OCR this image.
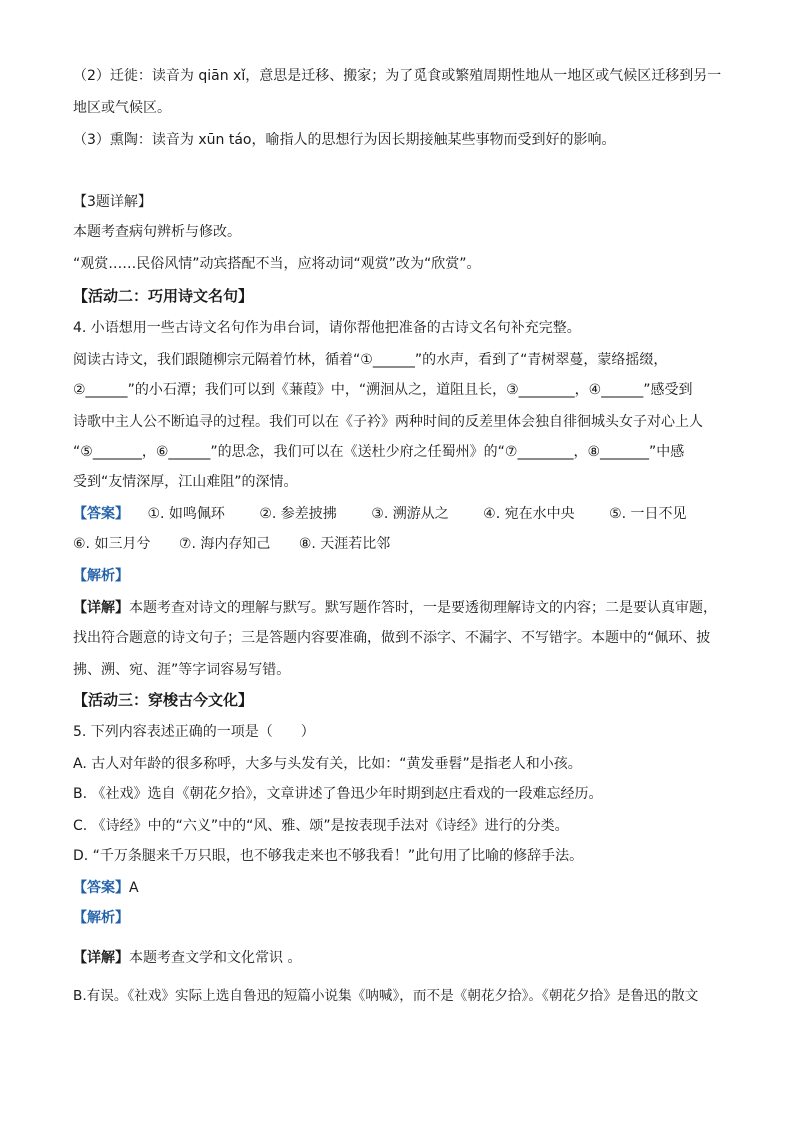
（2）迁徙：读音为 qiān xǐ，意思是迁移、搬家；为了觅食或繁殖周期性地从一地区或气候区迁移到另一
地区或气候区。
（3）熏陶：读音为 xūn táo，喻指人的思想行为因长期接触某些事物而受到好的影响。
【3题详解】
本题考查病句辨析与修改。
“观赏……民俗风情”动宾搭配不当，应将动词“观赏”改为“欣赏”。
【活动二：巧用诗文名句】
4. 小语想用一些古诗文名句作为串台词，请你帮他把准备的古诗文名句补充完整。
阅读古诗文，我们跟随柳宗元隔着竹林，循着“①______”的水声，看到了“青树翠蔓，蒙络摇缀，
②______”的小石潭；我们可以到《蒹葭》中，“溯洄从之，道阻且长，③________，④______”感受到
诗歌中主人公不断追寻的过程。我们可以在《子衿》两种时间的反差里体会独自徘徊城头女子对心上人
“⑤_______，⑥______”的思念，我们可以在《送杜少府之任蜀州》的“⑦________，⑧_______”中感
受到“友情深厚，江山难阻”的深情。
【答案】 ①. 如鸣佩环 ②. 参差披拂 ③. 溯游从之 ④. 宛在水中央 ⑤. 一日不见
⑥. 如三月兮 ⑦. 海内存知己 ⑧. 天涯若比邻
【解析】
【详解】本题考查对诗文的理解与默写。默写题作答时，一是要透彻理解诗文的内容；二是要认真审题，
找出符合题意的诗文句子；三是答题内容要准确，做到不添字、不漏字、不写错字。本题中的“佩环、披
拂、溯、宛、涯”等字词容易写错。
【活动三：穿梭古今文化】
5. 下列内容表述正确的一项是（　　）
A. 古人对年龄的很多称呼，大多与头发有关，比如：“黄发垂髫”是指老人和小孩。
B. 《社戏》选自《朝花夕拾》，文章讲述了鲁迅少年时期到赵庄看戏的一段难忘经历。
C. 《诗经》中的“六义”中的“风、雅、颂”是按表现手法对《诗经》进行的分类。
D. “千万条腿来千万只眼，也不够我走来也不够我看！”此句用了比喻的修辞手法。
【答案】A
【解析】
【详解】本题考查文学和文化常识 。
B.有误。《社戏》实际上选自鲁迅的短篇小说集《呐喊》，而不是《朝花夕拾》。《朝花夕拾》是鲁迅的散文
